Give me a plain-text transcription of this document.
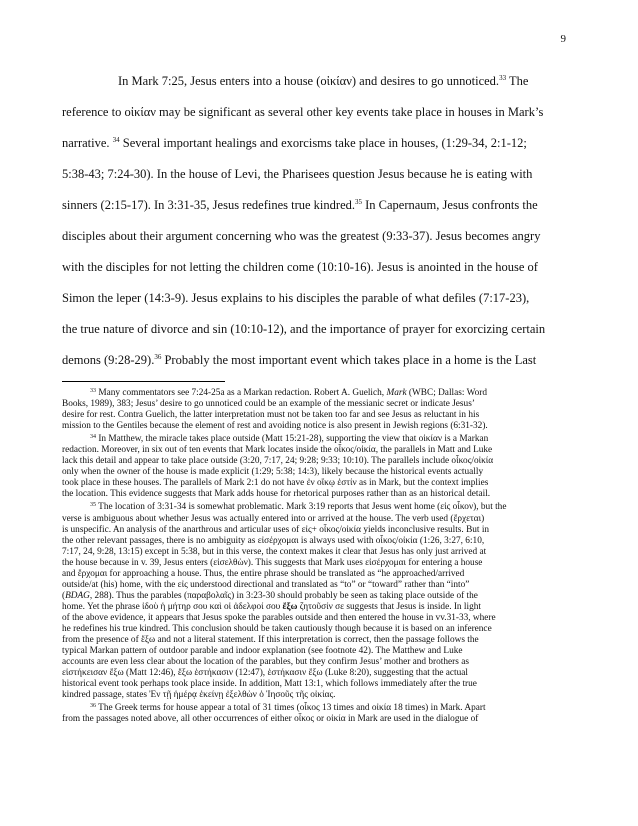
9
In Mark 7:25, Jesus enters into a house (οἰκίαν) and desires to go unnoticed.$^{33}$ The
reference to οἰκίαν may be significant as several other key events take place in houses in Mark’s
narrative. $^{34}$ Several important healings and exorcisms take place in houses, (1:29-34, 2:1-12;
5:38-43; 7:24-30). In the house of Levi, the Pharisees question Jesus because he is eating with
sinners (2:15-17). In 3:31-35, Jesus redefines true kindred.$^{35}$ In Capernaum, Jesus confronts the
disciples about their argument concerning who was the greatest (9:33-37). Jesus becomes angry
with the disciples for not letting the children come (10:10-16). Jesus is anointed in the house of
Simon the leper (14:3-9). Jesus explains to his disciples the parable of what defiles (7:17-23),
the true nature of divorce and sin (10:10-12), and the importance of prayer for exorcizing certain
demons (9:28-29).$^{36}$ Probably the most important event which takes place in a home is the Last
$^{33}$ Many commentators see 7:24-25a as a Markan redaction. Robert A. Guelich, Mark (WBC; Dallas: Word
Books, 1989), 383; Jesus’ desire to go unnoticed could be an example of the messianic secret or indicate Jesus’
desire for rest. Contra Guelich, the latter interpretation must not be taken too far and see Jesus as reluctant in his
mission to the Gentiles because the element of rest and avoiding notice is also present in Jewish regions (6:31-32).
$^{34}$ In Matthew, the miracle takes place outside (Matt 15:21-28), supporting the view that οἰκίαν is a Markan
redaction. Moreover, in six out of ten events that Mark locates inside the οἶκος/οἰκία, the parallels in Matt and Luke
lack this detail and appear to take place outside (3:20, 7:17, 24; 9:28; 9:33; 10:10). The parallels include οἶκος/οἰκία
only when the owner of the house is made explicit (1:29; 5:38; 14:3), likely because the historical events actually
took place in these houses. The parallels of Mark 2:1 do not have ἐν οἴκῳ ἐστίν as in Mark, but the context implies
the location. This evidence suggests that Mark adds house for rhetorical purposes rather than as an historical detail.
$^{35}$ The location of 3:31-34 is somewhat problematic. Mark 3:19 reports that Jesus went home (εἰς οἶκον), but the
verse is ambiguous about whether Jesus was actually entered into or arrived at the house. The verb used (ἔρχεται)
is unspecific. An analysis of the anarthrous and articular uses of εἰς+ οἶκος/οἰκία yields inconclusive results. But in
the other relevant passages, there is no ambiguity as εἰσέρχομαι is always used with οἶκος/οἰκία (1:26, 3:27, 6:10,
7:17, 24, 9:28, 13:15) except in 5:38, but in this verse, the context makes it clear that Jesus has only just arrived at
the house because in v. 39, Jesus enters (εἰσελθὼν). This suggests that Mark uses εἰσέρχομαι for entering a house
and ἔρχομαι for approaching a house. Thus, the entire phrase should be translated as “he approached/arrived
outside/at (his) home, with the εἰς understood directional and translated as “to” or “toward” rather than “into”
(BDAG, 288). Thus the parables (παραβολαῖς) in 3:23-30 should probably be seen as taking place outside of the
home. Yet the phrase ἰδοὺ ἡ μήτηρ σου καὶ οἱ ἀδελφοί σου ἔξω ζητοῦσίν σε suggests that Jesus is inside. In light
of the above evidence, it appears that Jesus spoke the parables outside and then entered the house in vv.31-33, where
he redefines his true kindred. This conclusion should be taken cautiously though because it is based on an inference
from the presence of ἔξω and not a literal statement. If this interpretation is correct, then the passage follows the
typical Markan pattern of outdoor parable and indoor explanation (see footnote 42). The Matthew and Luke
accounts are even less clear about the location of the parables, but they confirm Jesus’ mother and brothers as
εἱστήκεισαν ἔξω (Matt 12:46), ἔξω ἑστήκασιν (12:47), ἑστήκασιν ἔξω (Luke 8:20), suggesting that the actual
historical event took perhaps took place inside. In addition, Matt 13:1, which follows immediately after the true
kindred passage, states Ἐν τῇ ἡμέρᾳ ἐκείνῃ ἐξελθὼν ὁ Ἰησοῦς τῆς οἰκίας.
$^{36}$ The Greek terms for house appear a total of 31 times (οἶκος 13 times and οἰκία 18 times) in Mark. Apart
from the passages noted above, all other occurrences of either οἶκος or οἰκία in Mark are used in the dialogue of
